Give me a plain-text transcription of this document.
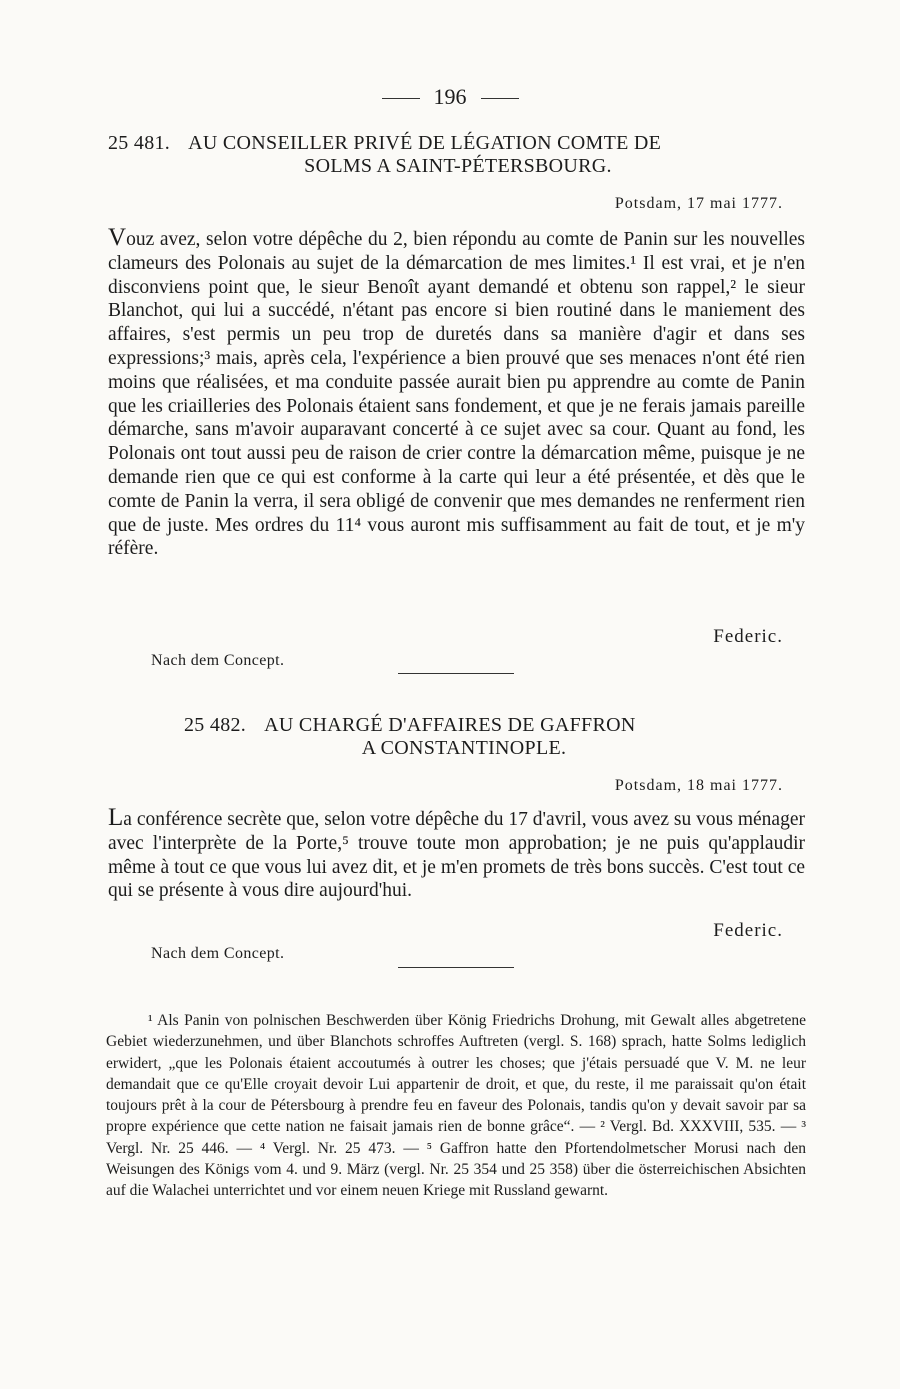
196
25 481. AU CONSEILLER PRIVÉ DE LÉGATION COMTE DE
SOLMS A SAINT-PÉTERSBOURG.
Potsdam, 17 mai 1777.

Vouz avez, selon votre dépêche du 2, bien répondu au comte de Panin sur les nouvelles clameurs des Polonais au sujet de la démarcation de mes limites.¹ Il est vrai, et je n'en disconviens point que, le sieur Benoît ayant demandé et obtenu son rappel,² le sieur Blanchot, qui lui a succédé, n'étant pas encore si bien routiné dans le maniement des affaires, s'est permis un peu trop de duretés dans sa manière d'agir et dans ses expressions;³ mais, après cela, l'expérience a bien prouvé que ses menaces n'ont été rien moins que réalisées, et ma conduite passée aurait bien pu apprendre au comte de Panin que les criailleries des Polonais étaient sans fondement, et que je ne ferais jamais pareille démarche, sans m'avoir auparavant concerté à ce sujet avec sa cour. Quant au fond, les Polonais ont tout aussi peu de raison de crier contre la démarcation même, puisque je ne demande rien que ce qui est conforme à la carte qui leur a été présentée, et dès que le comte de Panin la verra, il sera obligé de convenir que mes demandes ne renferment rien que de juste. Mes ordres du 11⁴ vous auront mis suffisamment au fait de tout, et je m'y réfère.

Federic.
Nach dem Concept.
25 482. AU CHARGÉ D'AFFAIRES DE GAFFRON
A CONSTANTINOPLE.
Potsdam, 18 mai 1777.

La conférence secrète que, selon votre dépêche du 17 d'avril, vous avez su vous ménager avec l'interprète de la Porte,⁵ trouve toute mon approbation; je ne puis qu'applaudir même à tout ce que vous lui avez dit, et je m'en promets de très bons succès. C'est tout ce qui se présente à vous dire aujourd'hui.

Federic.
Nach dem Concept.

¹ Als Panin von polnischen Beschwerden über König Friedrichs Drohung, mit Gewalt alles abgetretene Gebiet wiederzunehmen, und über Blanchots schroffes Auftreten (vergl. S. 168) sprach, hatte Solms lediglich erwidert, „que les Polonais étaient accoutumés à outrer les choses; que j'étais persuadé que V. M. ne leur demandait que ce qu'Elle croyait devoir Lui appartenir de droit, et que, du reste, il me paraissait qu'on était toujours prêt à la cour de Pétersbourg à prendre feu en faveur des Polonais, tandis qu'on y devait savoir par sa propre expérience que cette nation ne faisait jamais rien de bonne grâce“. — ² Vergl. Bd. XXXVIII, 535. — ³ Vergl. Nr. 25 446. — ⁴ Vergl. Nr. 25 473. — ⁵ Gaffron hatte den Pfortendolmetscher Morusi nach den Weisungen des Königs vom 4. und 9. März (vergl. Nr. 25 354 und 25 358) über die österreichischen Absichten auf die Walachei unterrichtet und vor einem neuen Kriege mit Russland gewarnt.
